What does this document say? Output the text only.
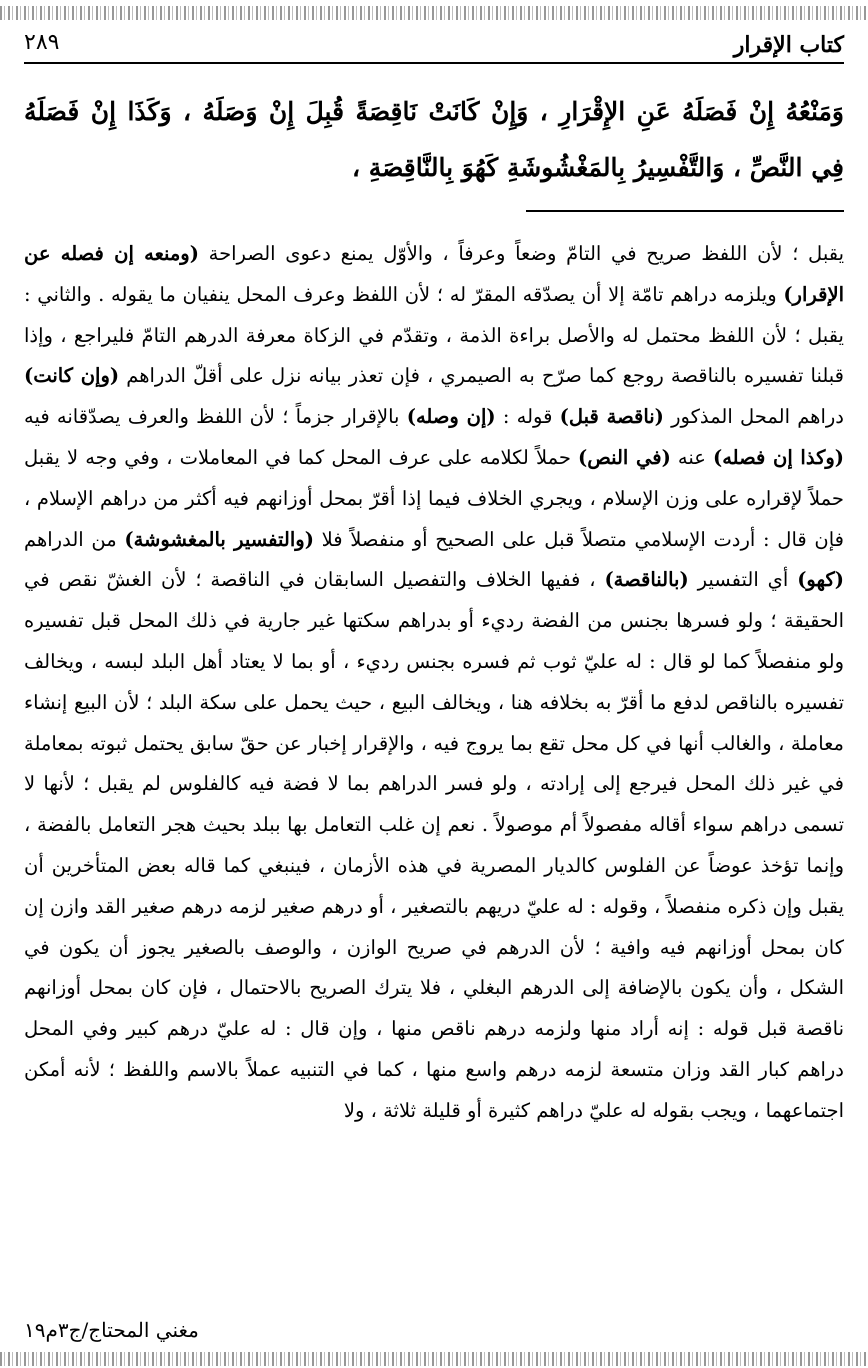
كتاب الإقرار
٢٨٩
وَمَنْعُهُ إِنْ فَصَلَهُ عَنِ الإِقْرَارِ ، وَإِنْ كَانَتْ نَاقِصَةً قُبِلَ إِنْ وَصَلَهُ ، وَكَذَا إِنْ فَصَلَهُ فِي النَّصِّ ، وَالتَّفْسِيرُ بِالمَغْشُوشَةِ كَهُوَ بِالنَّاقِصَةِ ،

يقبل ؛ لأن اللفظ صريح في التامّ وضعاً وعرفاً ، والأوّل يمنع دعوى الصراحة (ومنعه إن فصله عن الإقرار) ويلزمه دراهم تامّة إلا أن يصدّقه المقرّ له ؛ لأن اللفظ وعرف المحل ينفيان ما يقوله . والثاني : يقبل ؛ لأن اللفظ محتمل له والأصل براءة الذمة ، وتقدّم في الزكاة معرفة الدرهم التامّ فليراجع ، وإذا قبلنا تفسيره بالناقصة روجع كما صرّح به الصيمري ، فإن تعذر بيانه نزل على أقلّ الدراهم (وإن كانت) دراهم المحل المذكور (ناقصة قبل) قوله : (إن وصله) بالإقرار جزماً ؛ لأن اللفظ والعرف يصدّقانه فيه (وكذا إن فصله) عنه (في النص) حملاً لكلامه على عرف المحل كما في المعاملات ، وفي وجه لا يقبل حملاً لإقراره على وزن الإسلام ، ويجري الخلاف فيما إذا أقرّ بمحل أوزانهم فيه أكثر من دراهم الإسلام ، فإن قال : أردت الإسلامي متصلاً قبل على الصحيح أو منفصلاً فلا (والتفسير بالمغشوشة) من الدراهم (كهو) أي التفسير (بالناقصة) ، ففيها الخلاف والتفصيل السابقان في الناقصة ؛ لأن الغشّ نقص في الحقيقة ؛ ولو فسرها بجنس من الفضة رديء أو بدراهم سكتها غير جارية في ذلك المحل قبل تفسيره ولو منفصلاً كما لو قال : له عليّ ثوب ثم فسره بجنس رديء ، أو بما لا يعتاد أهل البلد لبسه ، ويخالف تفسيره بالناقص لدفع ما أقرّ به بخلافه هنا ، ويخالف البيع ، حيث يحمل على سكة البلد ؛ لأن البيع إنشاء معاملة ، والغالب أنها في كل محل تقع بما يروج فيه ، والإقرار إخبار عن حقّ سابق يحتمل ثبوته بمعاملة في غير ذلك المحل فيرجع إلى إرادته ، ولو فسر الدراهم بما لا فضة فيه كالفلوس لم يقبل ؛ لأنها لا تسمى دراهم سواء أقاله مفصولاً أم موصولاً . نعم إن غلب التعامل بها ببلد بحيث هجر التعامل بالفضة ، وإنما تؤخذ عوضاً عن الفلوس كالديار المصرية في هذه الأزمان ، فينبغي كما قاله بعض المتأخرين أن يقبل وإن ذكره منفصلاً ، وقوله : له عليّ دريهم بالتصغير ، أو درهم صغير لزمه درهم صغير القد وازن إن كان بمحل أوزانهم فيه وافية ؛ لأن الدرهم في صريح الوازن ، والوصف بالصغير يجوز أن يكون في الشكل ، وأن يكون بالإضافة إلى الدرهم البغلي ، فلا يترك الصريح بالاحتمال ، فإن كان بمحل أوزانهم ناقصة قبل قوله : إنه أراد منها ولزمه درهم ناقص منها ، وإن قال : له عليّ درهم كبير وفي المحل دراهم كبار القد وزان متسعة لزمه درهم واسع منها ، كما في التنبيه عملاً بالاسم واللفظ ؛ لأنه أمكن اجتماعهما ، ويجب بقوله له عليّ دراهم كثيرة أو قليلة ثلاثة ، ولا

مغني المحتاج/ج٣م١٩
